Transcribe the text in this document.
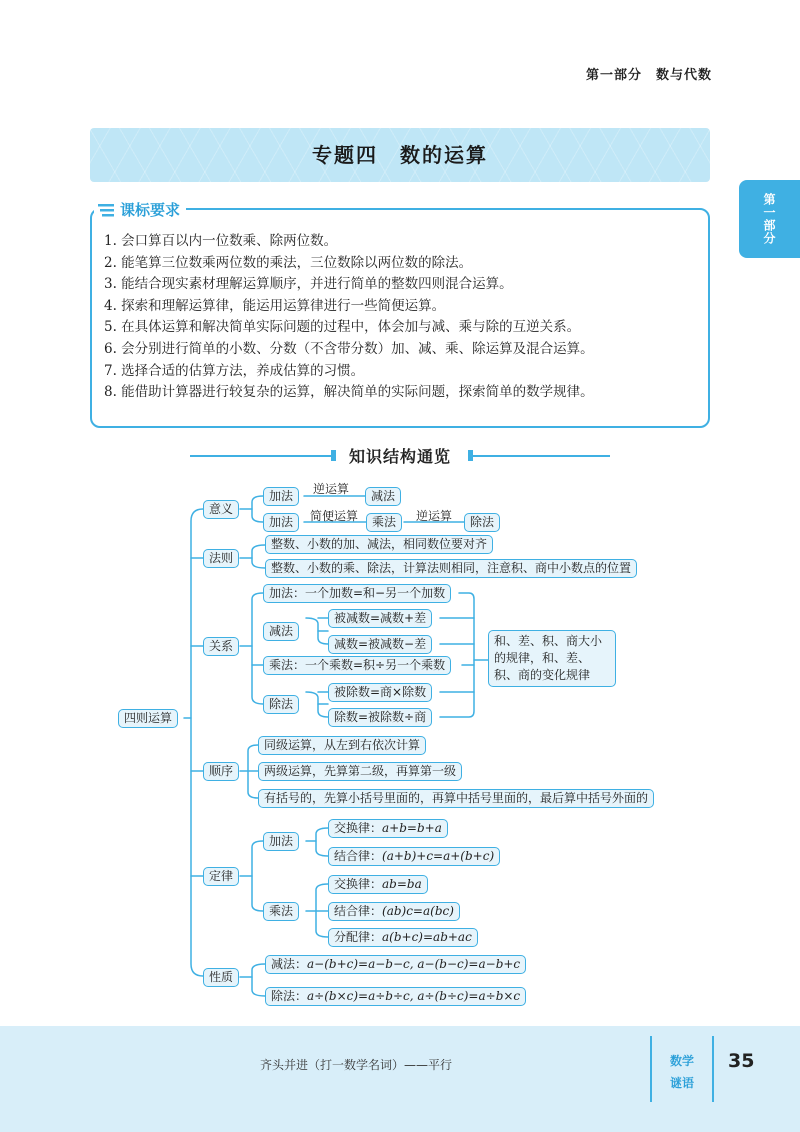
第一部分　数与代数
专题四　数的运算
第一部分
课标要求
1. 会口算百以内一位数乘、除两位数。
2. 能笔算三位数乘两位数的乘法，三位数除以两位数的除法。
3. 能结合现实素材理解运算顺序，并进行简单的整数四则混合运算。
4. 探索和理解运算律，能运用运算律进行一些简便运算。
5. 在具体运算和解决简单实际问题的过程中，体会加与减、乘与除的互逆关系。
6. 会分别进行简单的小数、分数（不含带分数）加、减、乘、除运算及混合运算。
7. 选择合适的估算方法，养成估算的习惯。
8. 能借助计算器进行较复杂的运算，解决简单的实际问题，探索简单的数学规律。
知识结构通览
四则运算
意义
加法	逆运算	减法
加法	简便运算	乘法	逆运算	除法
法则
整数、小数的加、减法，相同数位要对齐
整数、小数的乘、除法，计算法则相同，注意积、商中小数点的位置
关系
加法：一个加数=和−另一个加数
减法
被减数=减数+差
减数=被减数−差
乘法：一个乘数=积÷另一个乘数
除法
被除数=商×除数
除数=被除数÷商
和、差、积、商大小的规律，和、差、积、商的变化规律
顺序
同级运算，从左到右依次计算
两级运算，先算第二级，再算第一级
有括号的，先算小括号里面的，再算中括号里面的，最后算中括号外面的
定律
加法
交换律：a+b=b+a
结合律：(a+b)+c=a+(b+c)
乘法
交换律：ab=ba
结合律：(ab)c=a(bc)
分配律：a(b+c)=ab+ac
性质
减法：a−(b+c)=a−b−c, a−(b−c)=a−b+c
除法：a÷(b×c)=a÷b÷c, a÷(b÷c)=a÷b×c
齐头并进（打一数学名词）——平行	数学
谜语
35
